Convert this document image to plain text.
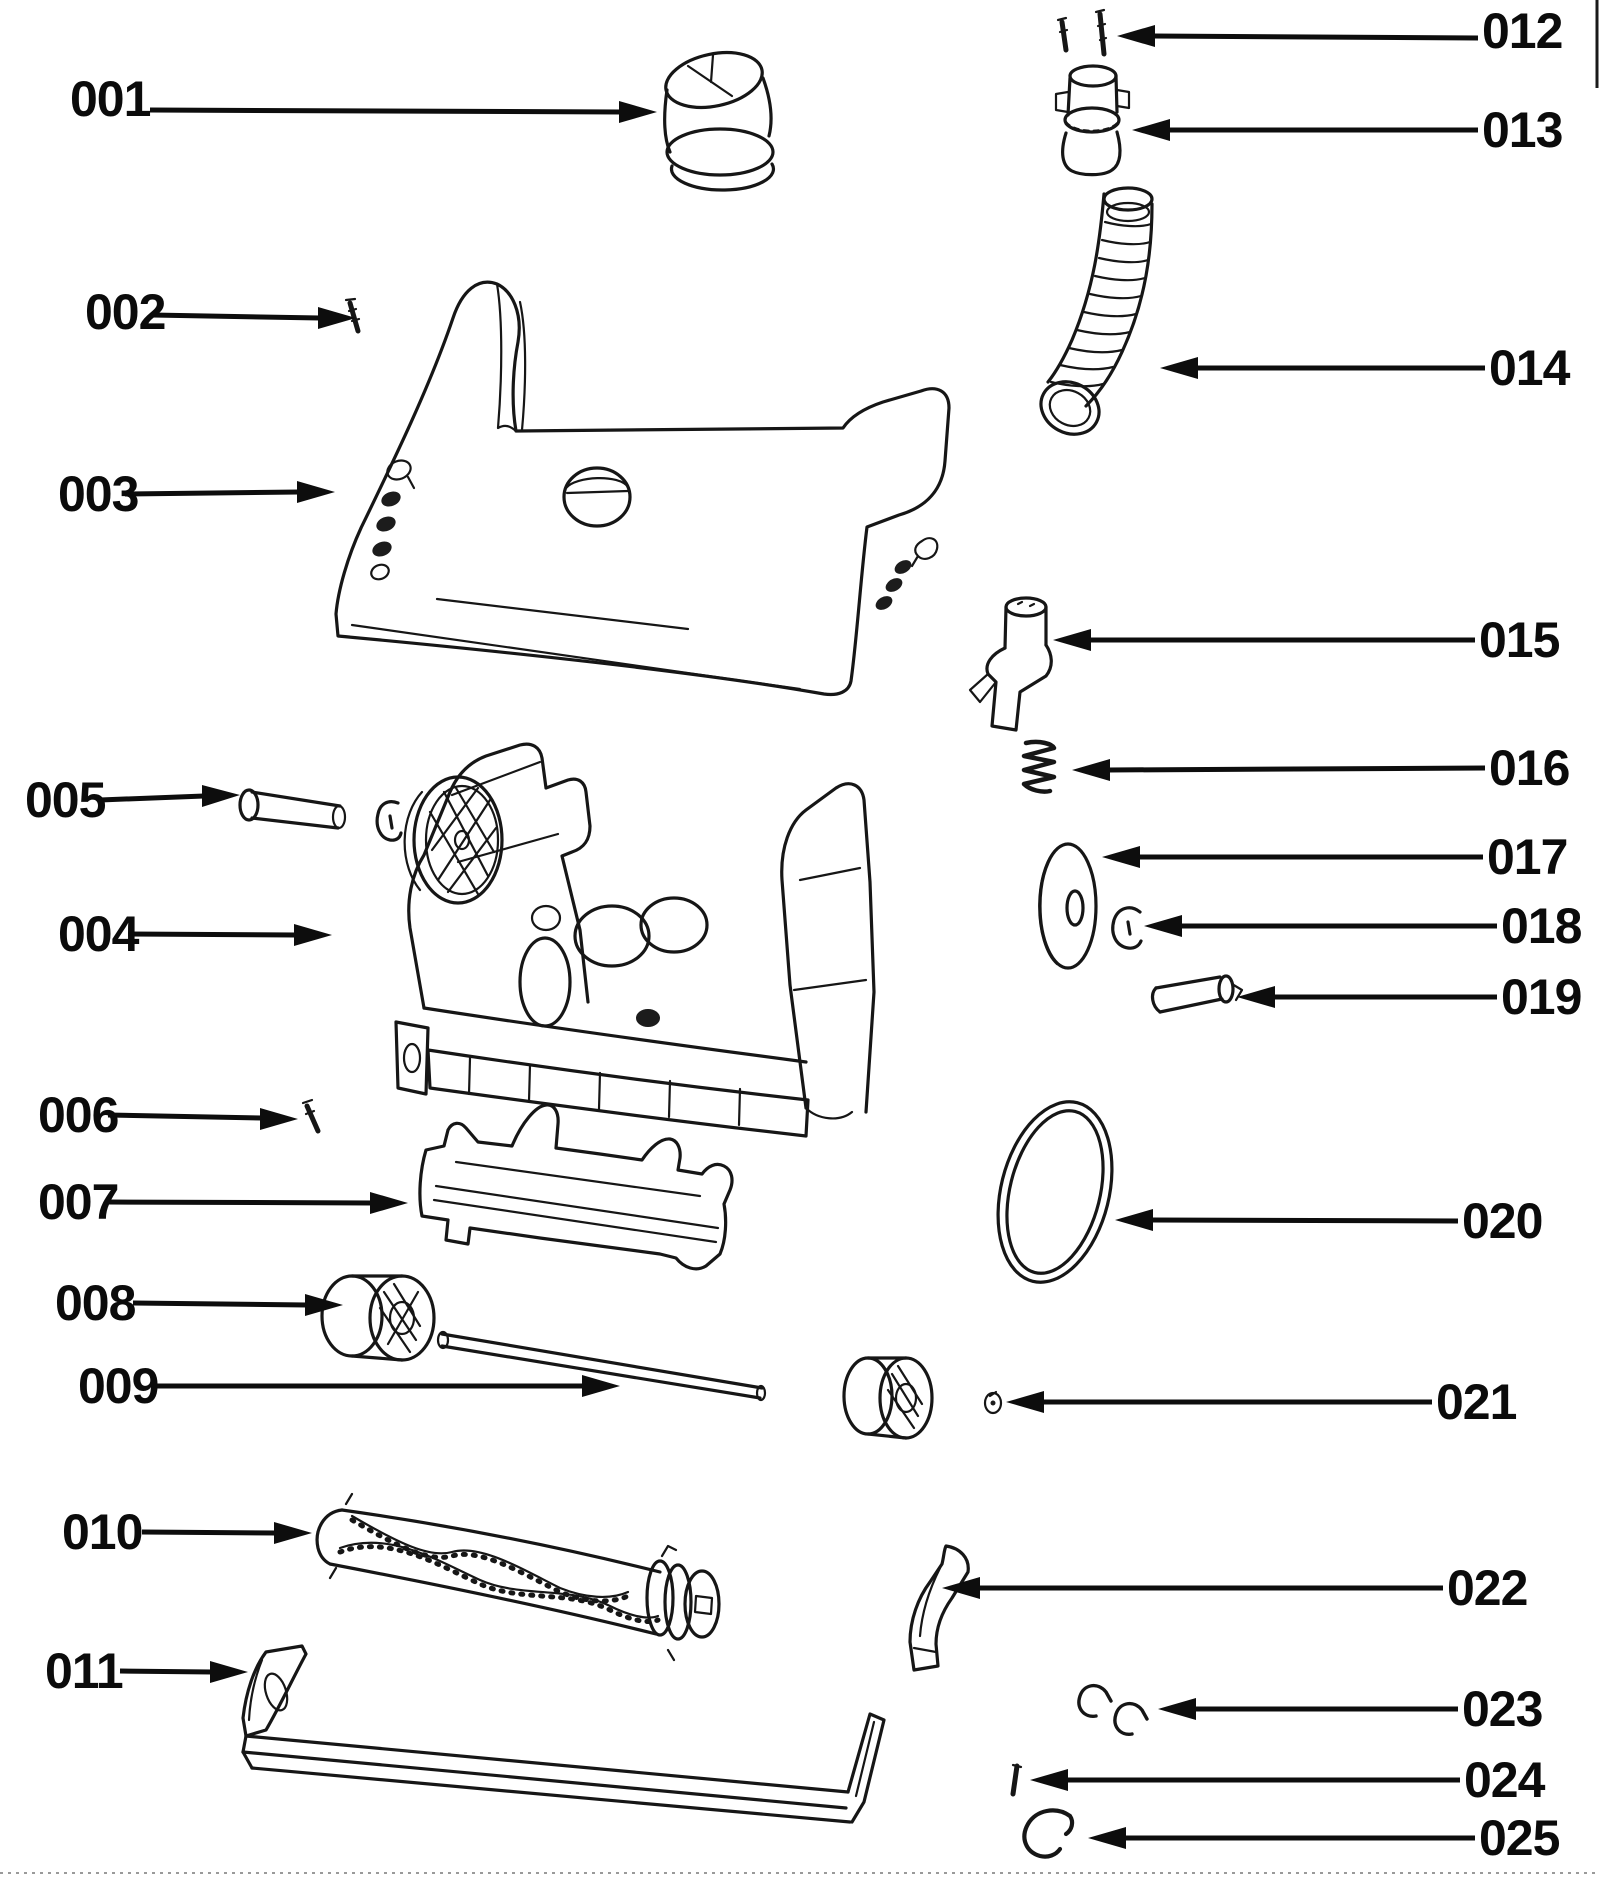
001
002
003
004
005
006
007
008
009
010
011
012
013
014
015
016
017
018
019
020
021
022
023
024
025
